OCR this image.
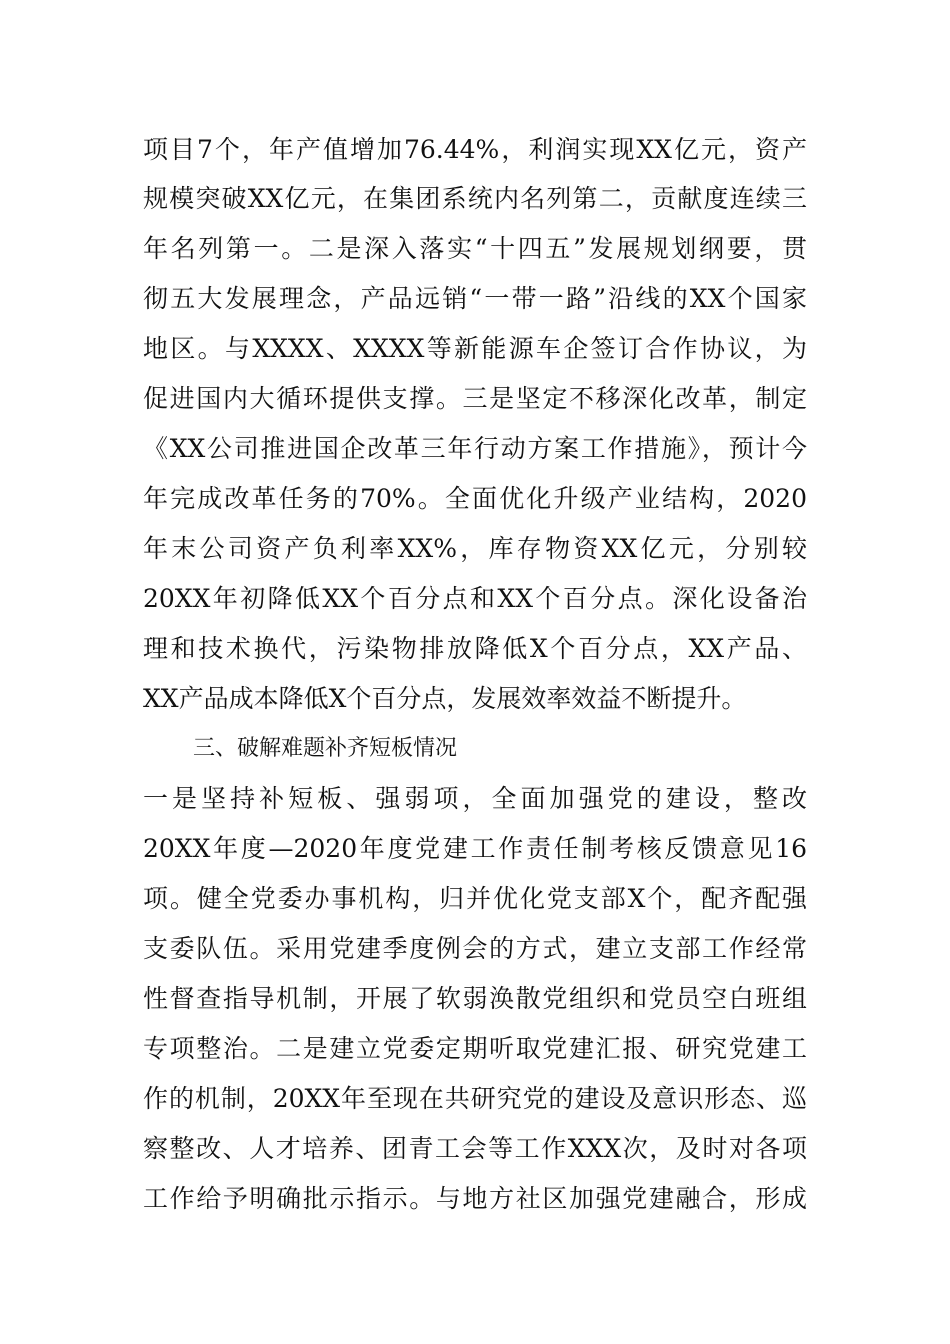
项目7个，年产值增加76.44%，利润实现XX亿元，资产
规模突破XX亿元，在集团系统内名列第二，贡献度连续三
年名列第一。二是深入落实“十四五”发展规划纲要，贯
彻五大发展理念，产品远销“一带一路”沿线的XX个国家
地区。与XXXX、XXXX等新能源车企签订合作协议，为
促进国内大循环提供支撑。三是坚定不移深化改革，制定
《XX公司推进国企改革三年行动方案工作措施》，预计今
年完成改革任务的70%。全面优化升级产业结构，2020
年末公司资产负利率XX%，库存物资XX亿元，分别较
20XX年初降低XX个百分点和XX个百分点。深化设备治
理和技术换代，污染物排放降低X个百分点，XX产品、
XX产品成本降低X个百分点，发展效率效益不断提升。
三、破解难题补齐短板情况
一是坚持补短板、强弱项，全面加强党的建设，整改
20XX年度—2020年度党建工作责任制考核反馈意见16
项。健全党委办事机构，归并优化党支部X个，配齐配强
支委队伍。采用党建季度例会的方式，建立支部工作经常
性督查指导机制，开展了软弱涣散党组织和党员空白班组
专项整治。二是建立党委定期听取党建汇报、研究党建工
作的机制，20XX年至现在共研究党的建设及意识形态、巡
察整改、人才培养、团青工会等工作XXX次，及时对各项
工作给予明确批示指示。与地方社区加强党建融合，形成
